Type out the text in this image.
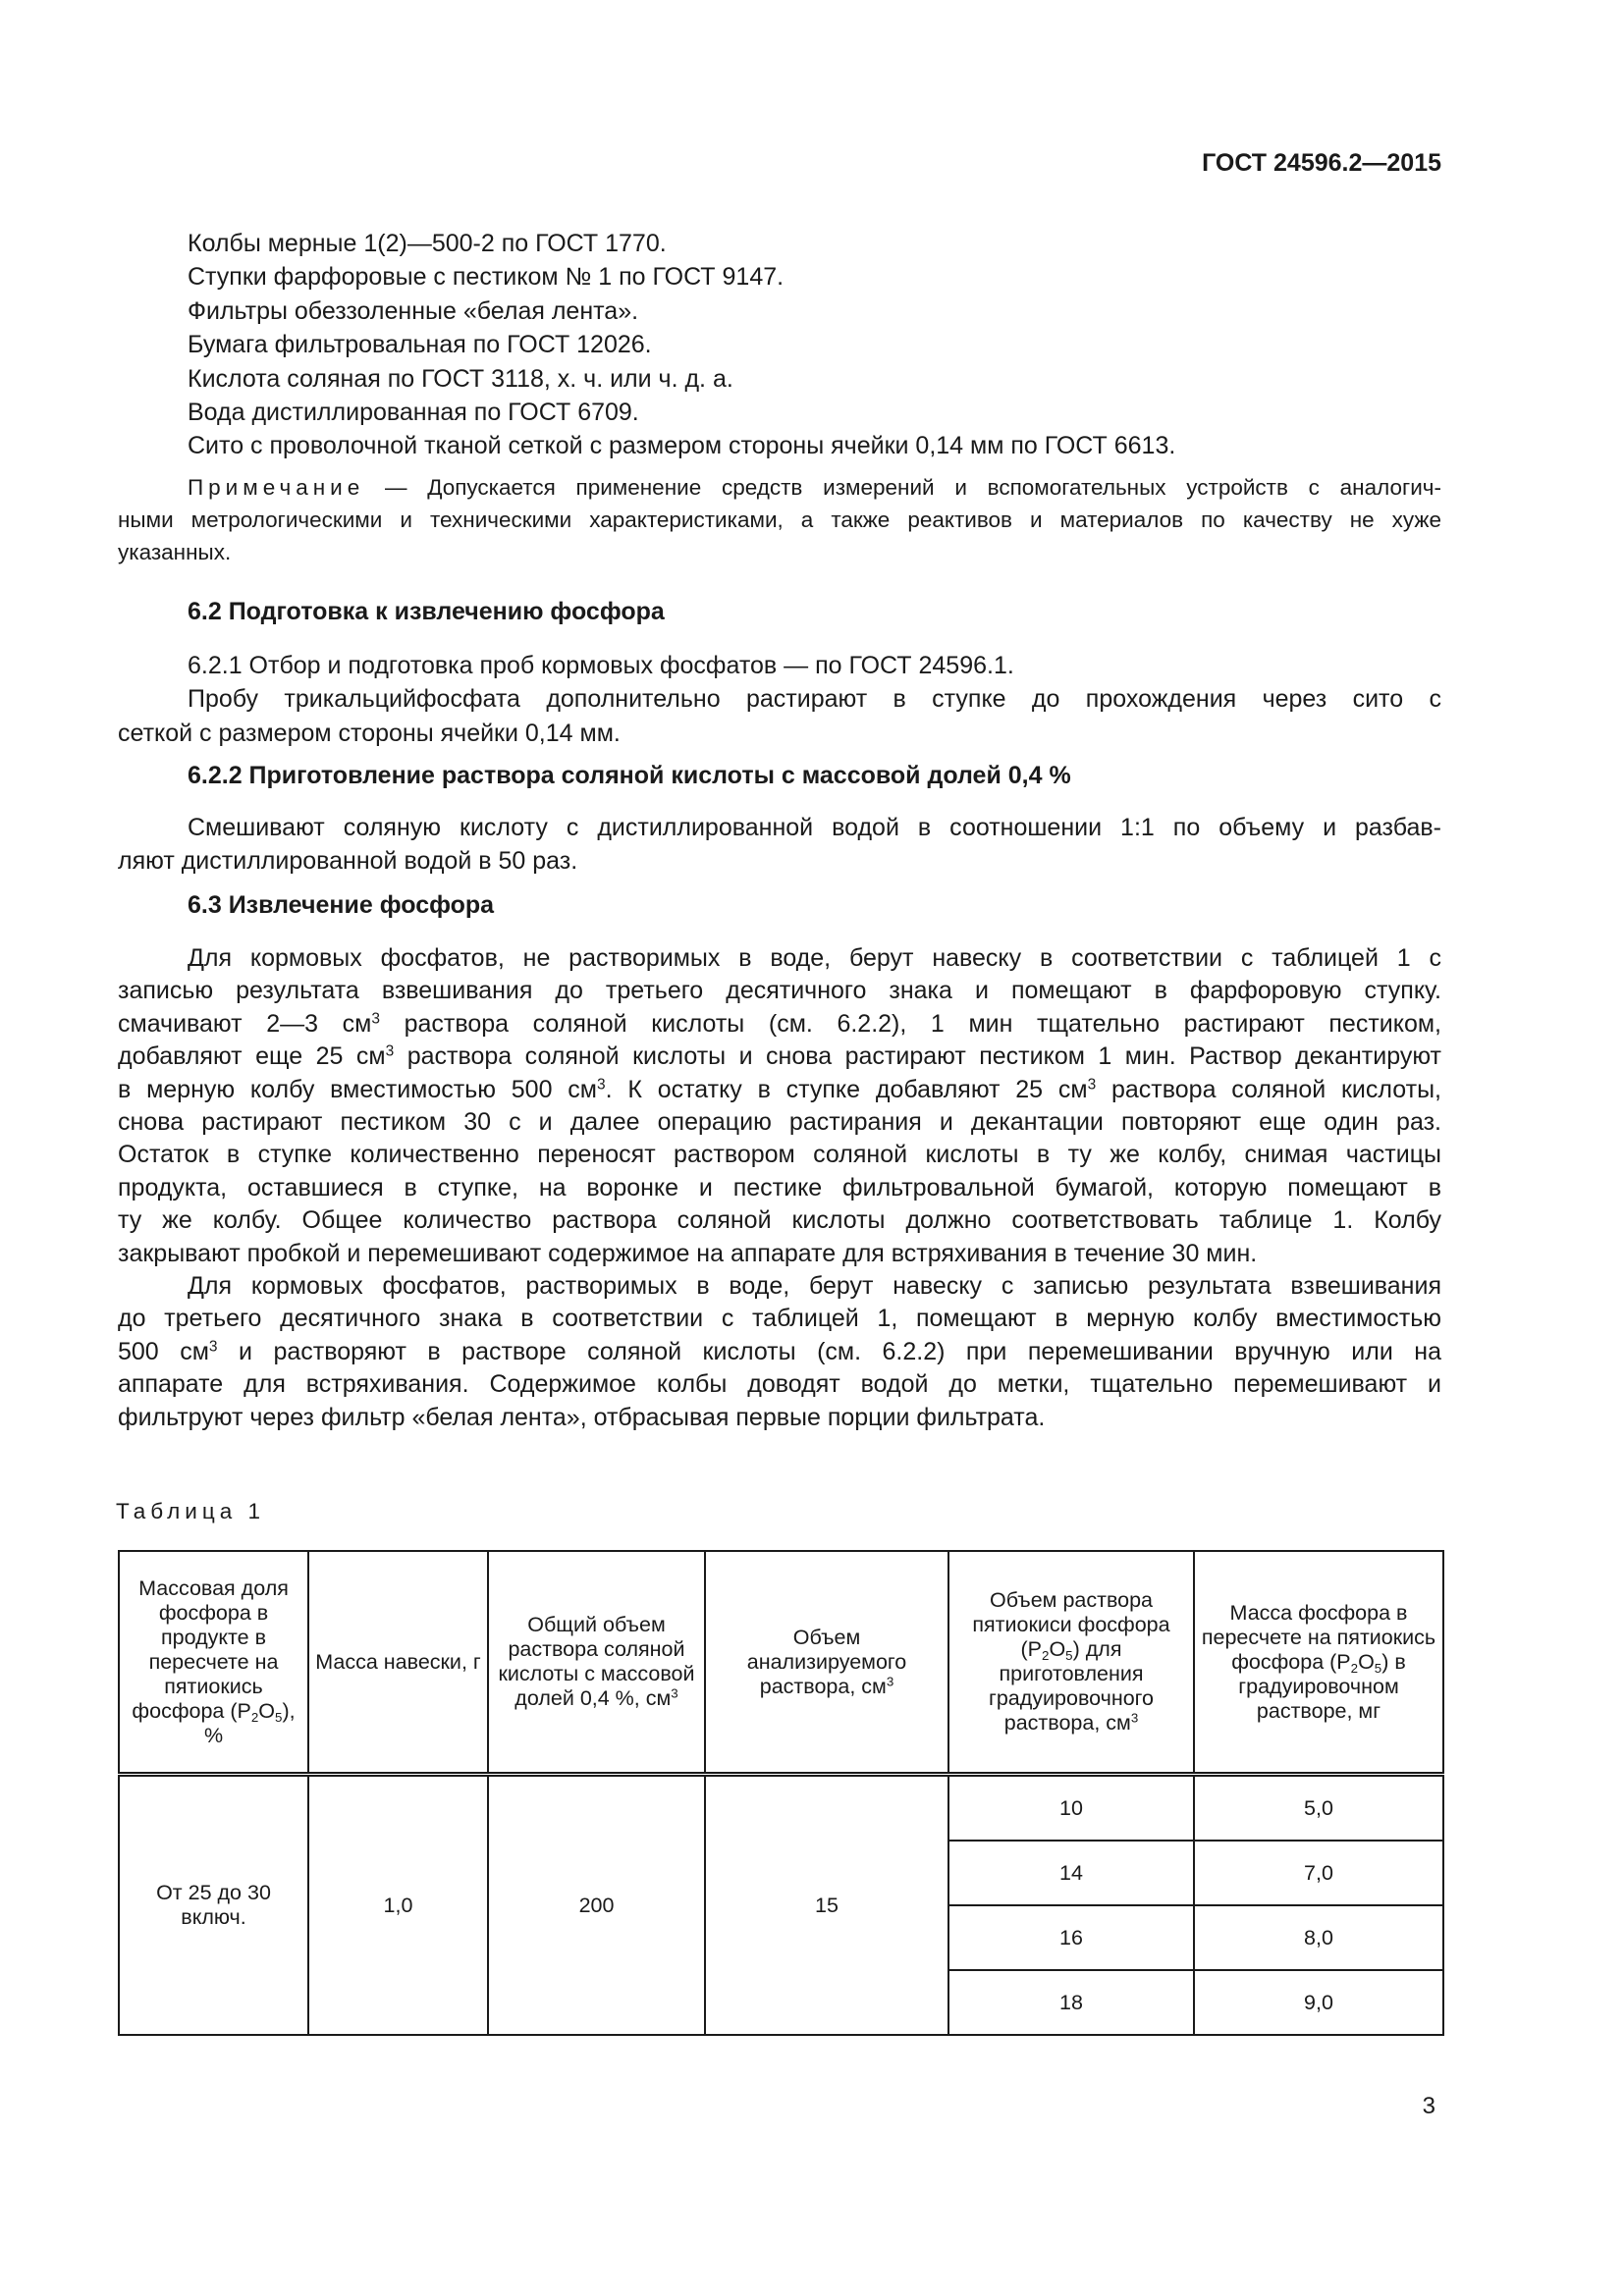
ГОСТ 24596.2—2015
Колбы мерные 1(2)—500-2 по ГОСТ 1770.
Ступки фарфоровые с пестиком № 1 по ГОСТ 9147.
Фильтры обеззоленные «белая лента».
Бумага фильтровальная по ГОСТ 12026.
Кислота соляная по ГОСТ 3118, х. ч. или ч. д. а.
Вода дистиллированная по ГОСТ 6709.
Сито с проволочной тканой сеткой с размером стороны ячейки 0,14 мм по ГОСТ 6613.
Примечание — Допускается применение средств измерений и вспомогательных устройств с аналогич-
ными метрологическими и техническими характеристиками, а также реактивов и материалов по качеству не хуже
указанных.
6.2 Подготовка к извлечению фосфора
6.2.1 Отбор и подготовка проб кормовых фосфатов — по ГОСТ 24596.1.
Пробу трикальцийфосфата дополнительно растирают в ступке до прохождения через сито с
сеткой с размером стороны ячейки 0,14 мм.
6.2.2 Приготовление раствора соляной кислоты с массовой долей 0,4 %
Смешивают соляную кислоту с дистиллированной водой в соотношении 1:1 по объему и разбав-
ляют дистиллированной водой в 50 раз.
6.3 Извлечение фосфора
Для кормовых фосфатов, не растворимых в воде, берут навеску в соответствии с таблицей 1 с
записью результата взвешивания до третьего десятичного знака и помещают в фарфоровую ступку.
смачивают 2—3 $см^3$ раствора соляной кислоты (см. 6.2.2), 1 мин тщательно растирают пестиком,
добавляют еще 25 $см^3$ раствора соляной кислоты и снова растирают пестиком 1 мин. Раствор декантируют
в мерную колбу вместимостью 500 $см^3$. К остатку в ступке добавляют 25 $см^3$ раствора соляной кислоты,
снова растирают пестиком 30 с и далее операцию растирания и декантации повторяют еще один раз.
Остаток в ступке количественно переносят раствором соляной кислоты в ту же колбу, снимая частицы
продукта, оставшиеся в ступке, на воронке и пестике фильтровальной бумагой, которую помещают в
ту же колбу. Общее количество раствора соляной кислоты должно соответствовать таблице 1. Колбу
закрывают пробкой и перемешивают содержимое на аппарате для встряхивания в течение 30 мин.
Для кормовых фосфатов, растворимых в воде, берут навеску с записью результата взвешивания
до третьего десятичного знака в соответствии с таблицей 1, помещают в мерную колбу вместимостью
500 $см^3$ и растворяют в растворе соляной кислоты (см. 6.2.2) при перемешивании вручную или на
аппарате для встряхивания. Содержимое колбы доводят водой до метки, тщательно перемешивают и
фильтруют через фильтр «белая лента», отбрасывая первые порции фильтрата.
Таблица 1
Массовая доля фосфора в продукте в пересчете на пятиокись фосфора $(P_2O_5)$, %	Масса навески, г	Общий объем раствора соляной кислоты с массовой долей 0,4 %, $см^3$	Объем анализируемого раствора, $см^3$	Объем раствора пятиокиси фосфора $(P_2O_5)$ для приготовления градуировочного раствора, $см^3$	Масса фосфора в пересчете на пятиокись фосфора $(P_2O_5)$ в градуировочном растворе, мг
От 25 до 30 включ.	1,0	200	15	10	5,0
				14	7,0
				16	8,0
				18	9,0
3
